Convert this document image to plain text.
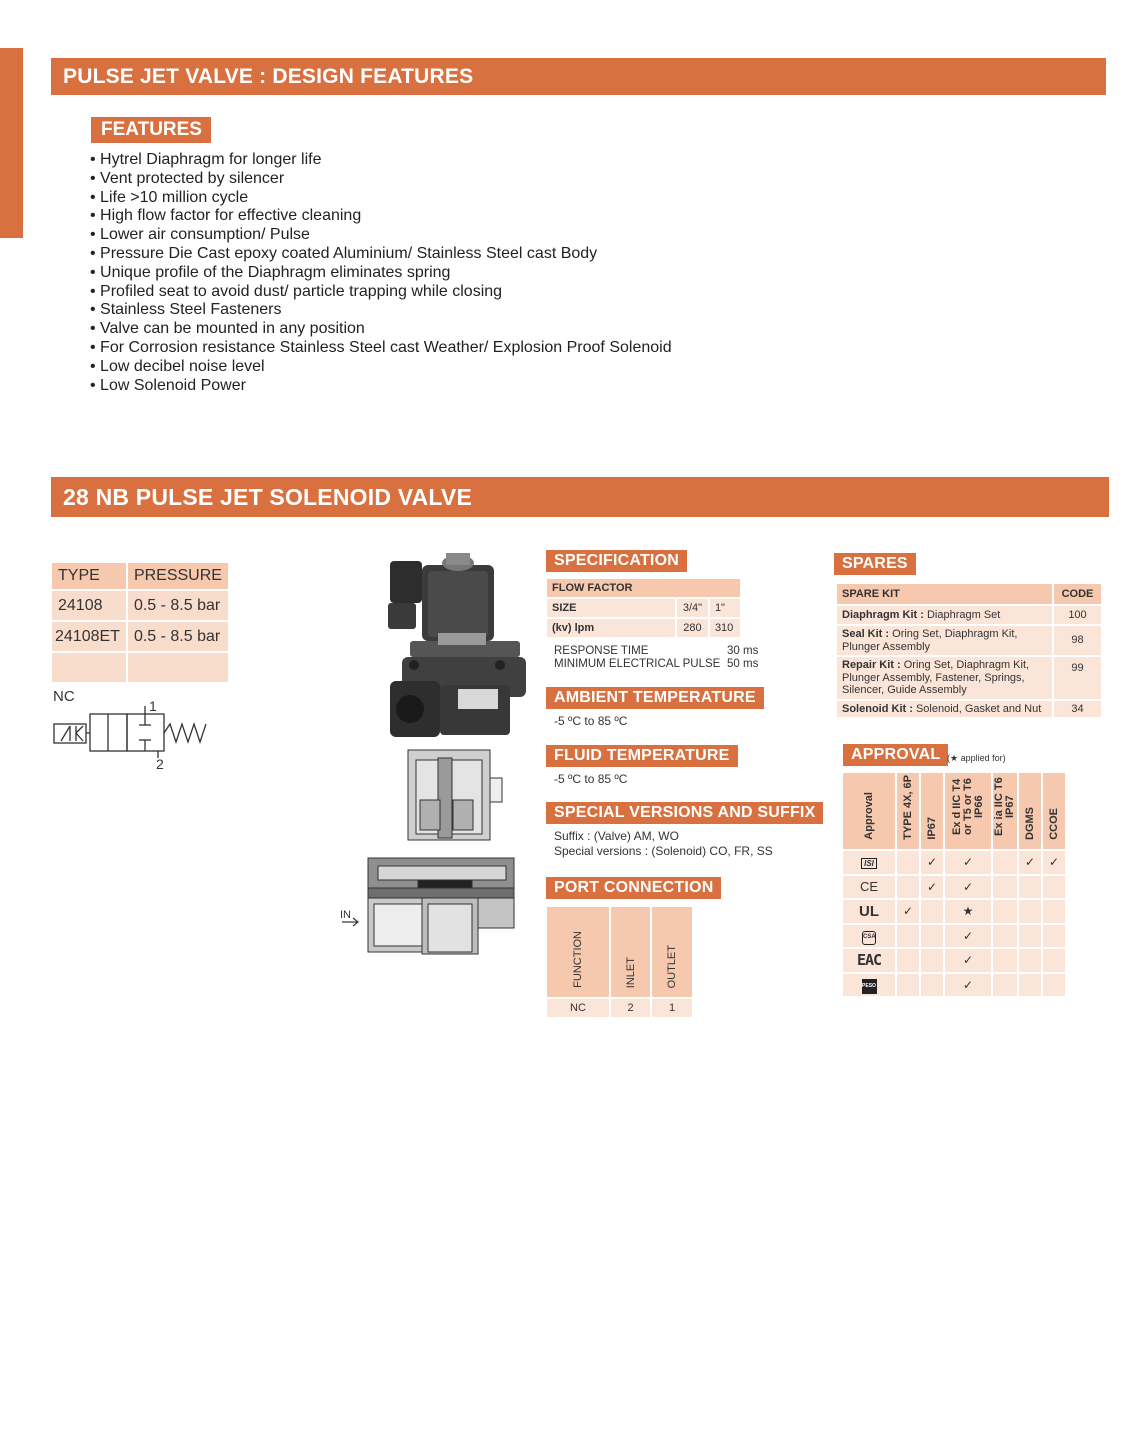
PULSE JET VALVE : DESIGN FEATURES
FEATURES
• Hytrel Diaphragm for longer life
• Vent protected by silencer
• Life >10 million cycle
• High flow factor for effective cleaning
• Lower air consumption/ Pulse
• Pressure Die Cast epoxy coated Aluminium/ Stainless Steel cast Body
• Unique profile of the Diaphragm eliminates spring
• Profiled seat to avoid dust/ particle trapping while closing
• Stainless Steel Fasteners
• Valve can be mounted in any position
• For Corrosion resistance Stainless Steel cast Weather/ Explosion Proof Solenoid
• Low decibel noise level
• Low Solenoid Power
28 NB PULSE JET SOLENOID VALVE
TYPE	PRESSURE
24108	0.5 - 8.5 bar
24108ET	0.5 - 8.5 bar

NC
1
2
IN
SPECIFICATION
FLOW FACTOR		
SIZE	3/4"	1"
(kv) lpm	280	310
RESPONSE TIME	30 ms
MINIMUM ELECTRICAL PULSE 50 ms
AMBIENT TEMPERATURE
-5 ºC to 85 ºC
FLUID TEMPERATURE
-5 ºC to 85 ºC
SPECIAL VERSIONS AND SUFFIX
Suffix : (Valve) AM, WO
Special versions : (Solenoid) CO, FR, SS
PORT CONNECTION
FUNCTION	INLET	OUTLET
NC	2	1
SPARES
SPARE KIT	CODE
Diaphragm Kit : Diaphragm Set	100
Seal Kit : Oring Set, Diaphragm Kit, Plunger Assembly	98
Repair Kit : Oring Set, Diaphragm Kit, Plunger Assembly, Fastener, Springs, Silencer, Guide Assembly	99
Solenoid Kit : Solenoid, Gasket and Nut	34
APPROVAL (★ applied for)
Approval	TYPE 4X, 6P	IP67	Ex d IIC T4 or T5 or T6 IP66	Ex ia IIC T6 IP67	DGMS	CCOE
ISI		✓	✓		✓	✓
CE		✓	✓			
UL	✓		★			
CSA			✓			
EAC			✓			
PESO			✓			
